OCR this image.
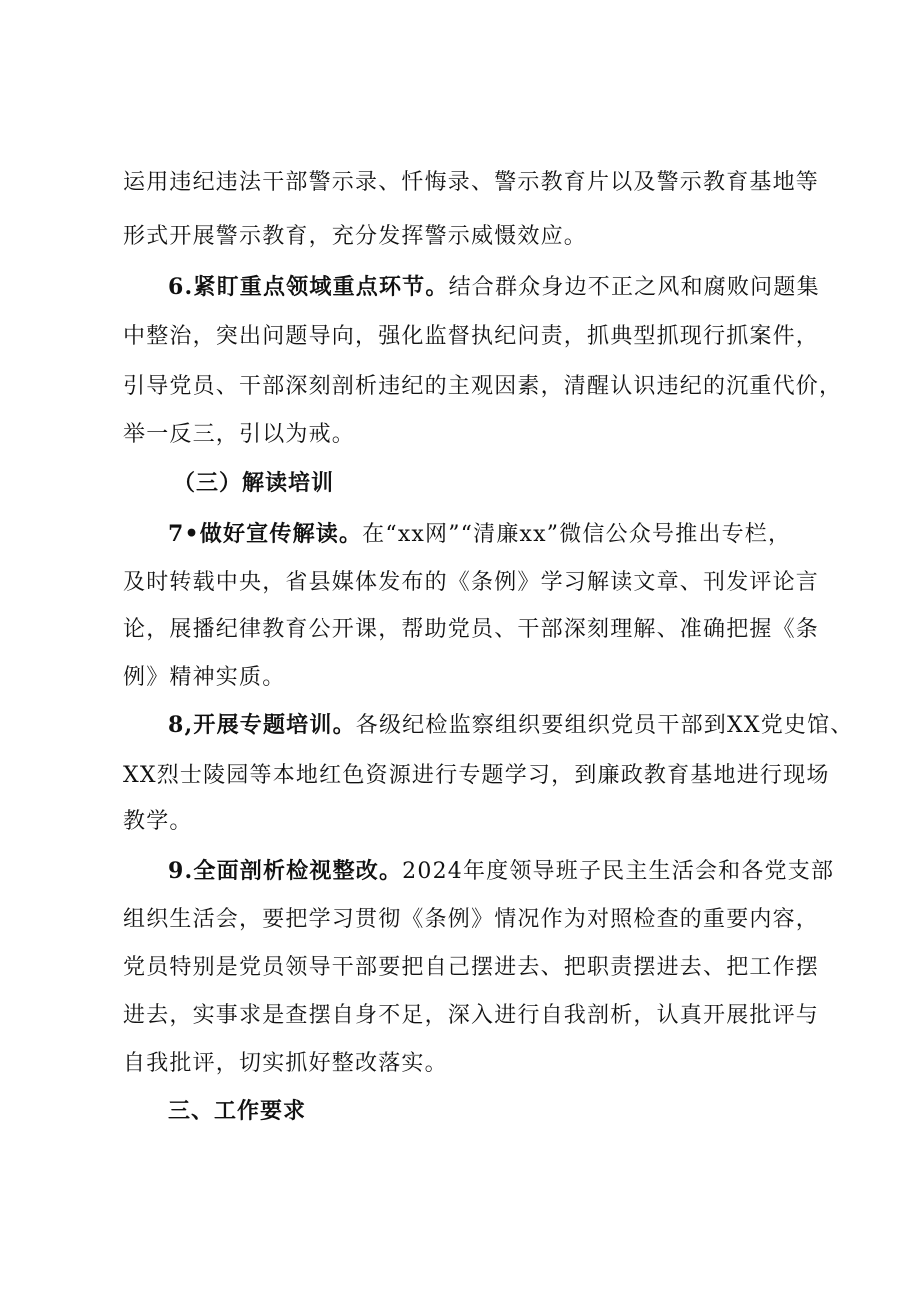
运用违纪违法干部警示录、忏悔录、警示教育片以及警示教育基地等
形式开展警示教育，充分发挥警示威慑效应。
6.紧盯重点领域重点环节。结合群众身边不正之风和腐败问题集
中整治，突出问题导向，强化监督执纪问责，抓典型抓现行抓案件，
引导党员、干部深刻剖析违纪的主观因素，清醒认识违纪的沉重代价，
举一反三，引以为戒。
（三）解读培训
7•做好宣传解读。在“xx网”“清廉xx”微信公众号推出专栏，
及时转载中央，省县媒体发布的《条例》学习解读文章、刊发评论言
论，展播纪律教育公开课，帮助党员、干部深刻理解、准确把握《条
例》精神实质。
8,开展专题培训。各级纪检监察组织要组织党员干部到XX党史馆、
XX烈士陵园等本地红色资源进行专题学习，到廉政教育基地进行现场
教学。
9.全面剖析检视整改。2024年度领导班子民主生活会和各党支部
组织生活会，要把学习贯彻《条例》情况作为对照检查的重要内容，
党员特别是党员领导干部要把自己摆进去、把职责摆进去、把工作摆
进去，实事求是查摆自身不足，深入进行自我剖析，认真开展批评与
自我批评，切实抓好整改落实。
三、工作要求
